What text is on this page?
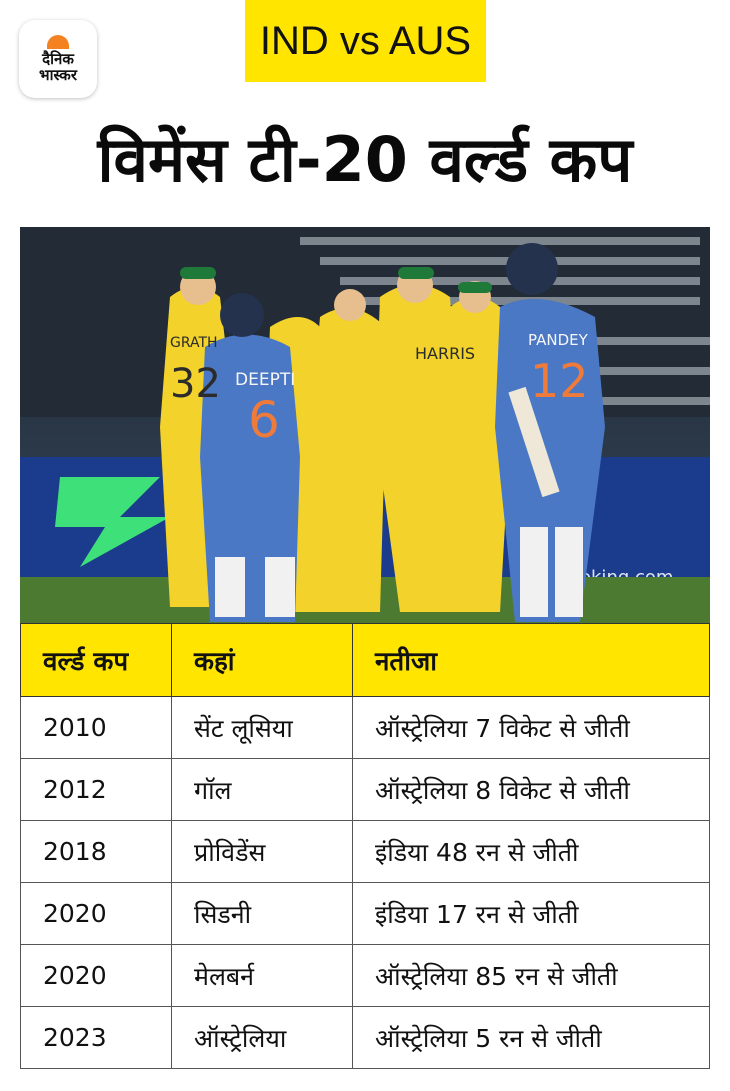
दैनिक
भास्कर
IND vs AUS
विमेंस टी-20 वर्ल्ड कप
HARRIS
DEEPTI
6
PANDEY
12
GRATH
32
वर्ल्ड कप	कहां	नतीजा
2010	सेंट लूसिया	ऑस्ट्रेलिया 7 विकेट से जीती
2012	गॉल	ऑस्ट्रेलिया 8 विकेट से जीती
2018	प्रोविडेंस	इंडिया 48 रन से जीती
2020	सिडनी	इंडिया 17 रन से जीती
2020	मेलबर्न	ऑस्ट्रेलिया 85 रन से जीती
2023	ऑस्ट्रेलिया	ऑस्ट्रेलिया 5 रन से जीती
